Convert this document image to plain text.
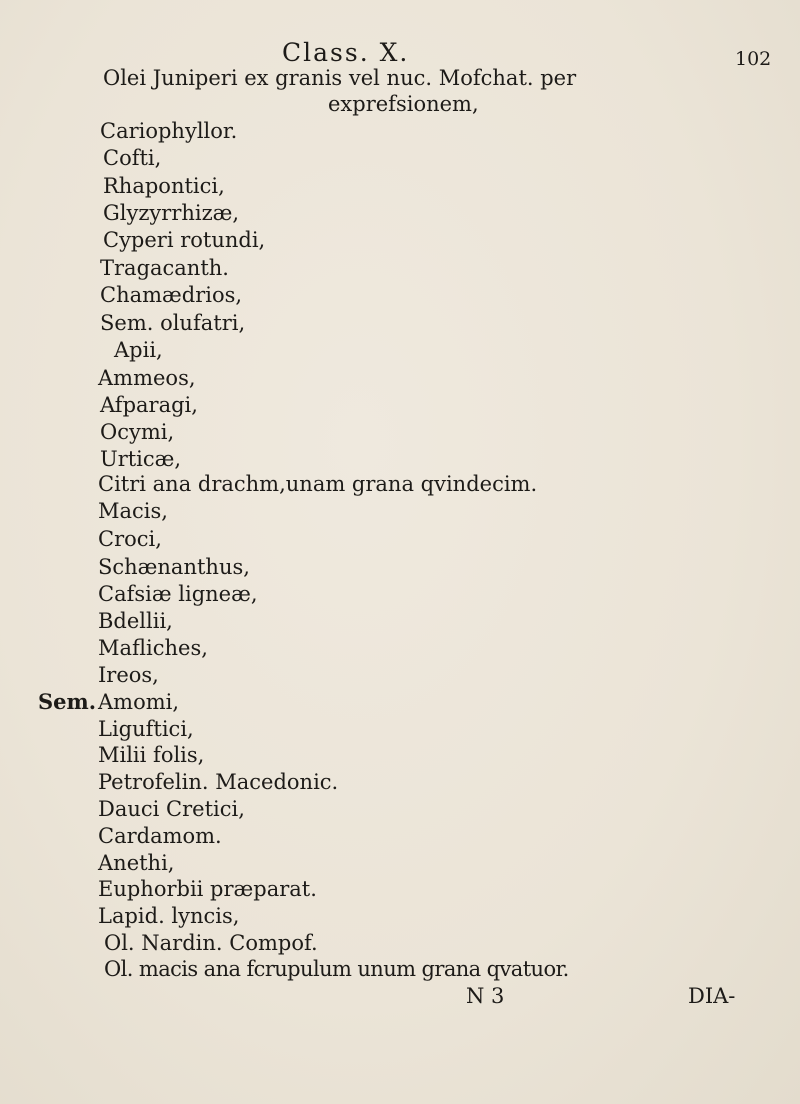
Class. X.	102
Olei Juniperi ex granis vel nuc. Mofchat. per
exprefsionem,
Cariophyllor.
Cofti,
Rhapontici,
Glyzyrrhizæ,
Cyperi rotundi,
Tragacanth.
Chamædrios,
Sem. olufatri,
Apii,
Ammeos,
Afparagi,
Ocymi,
Urticæ,
Citri ana drachm,unam grana qvindecim.
Macis,
Croci,
Schænanthus,
Cafsiæ ligneæ,
Bdellii,
Mafliches,
Ireos,
Sem. Amomi,
Liguftici,
Milii folis,
Petrofelin. Macedonic.
Dauci Cretici,
Cardamom.
Anethi,
Euphorbii præparat.
Lapid. lyncis,
Ol. Nardin. Compof.
Ol. macis ana fcrupulum unum grana qvatuor.
N 3	DIA-
